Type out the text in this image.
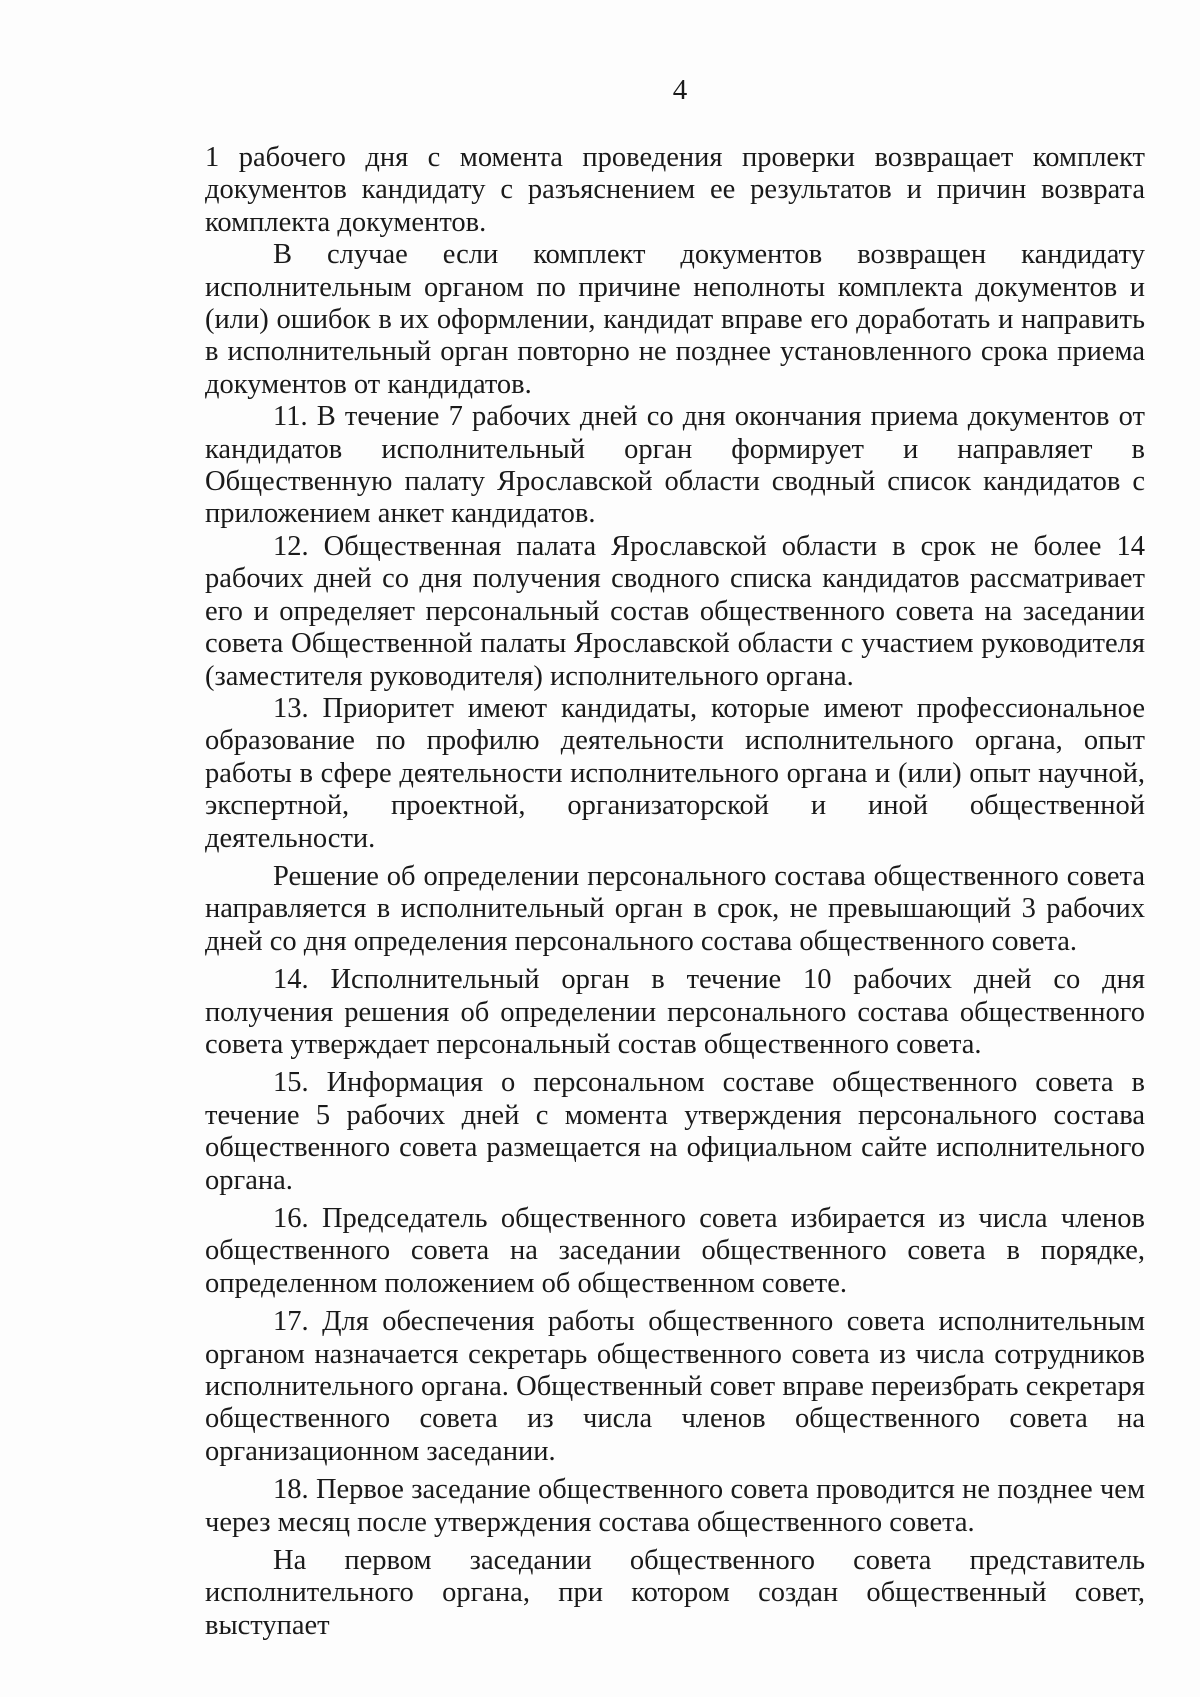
4

1 рабочего дня с момента проведения проверки возвращает комплект документов кандидату с разъяснением ее результатов и причин возврата комплекта документов.

В случае если комплект документов возвращен кандидату исполнительным органом по причине неполноты комплекта документов и (или) ошибок в их оформлении, кандидат вправе его доработать и направить в исполнительный орган повторно не позднее установленного срока приема документов от кандидатов.

11. В течение 7 рабочих дней со дня окончания приема документов от кандидатов исполнительный орган формирует и направляет в Общественную палату Ярославской области сводный список кандидатов с приложением анкет кандидатов.

12. Общественная палата Ярославской области в срок не более 14 рабочих дней со дня получения сводного списка кандидатов рассматривает его и определяет персональный состав общественного совета на заседании совета Общественной палаты Ярославской области с участием руководителя (заместителя руководителя) исполнительного органа.

13. Приоритет имеют кандидаты, которые имеют профессиональное образование по профилю деятельности исполнительного органа, опыт работы в сфере деятельности исполнительного органа и (или) опыт научной, экспертной, проектной, организаторской и иной общественной деятельности.

Решение об определении персонального состава общественного совета направляется в исполнительный орган в срок, не превышающий 3 рабочих дней со дня определения персонального состава общественного совета.

14. Исполнительный орган в течение 10 рабочих дней со дня получения решения об определении персонального состава общественного совета утверждает персональный состав общественного совета.

15. Информация о персональном составе общественного совета в течение 5 рабочих дней с момента утверждения персонального состава общественного совета размещается на официальном сайте исполнительного органа.

16. Председатель общественного совета избирается из числа членов общественного совета на заседании общественного совета в порядке, определенном положением об общественном совете.

17. Для обеспечения работы общественного совета исполнительным органом назначается секретарь общественного совета из числа сотрудников исполнительного органа. Общественный совет вправе переизбрать секретаря общественного совета из числа членов общественного совета на организационном заседании.

18. Первое заседание общественного совета проводится не позднее чем через месяц после утверждения состава общественного совета.

На первом заседании общественного совета представитель исполнительного органа, при котором создан общественный совет, выступает
